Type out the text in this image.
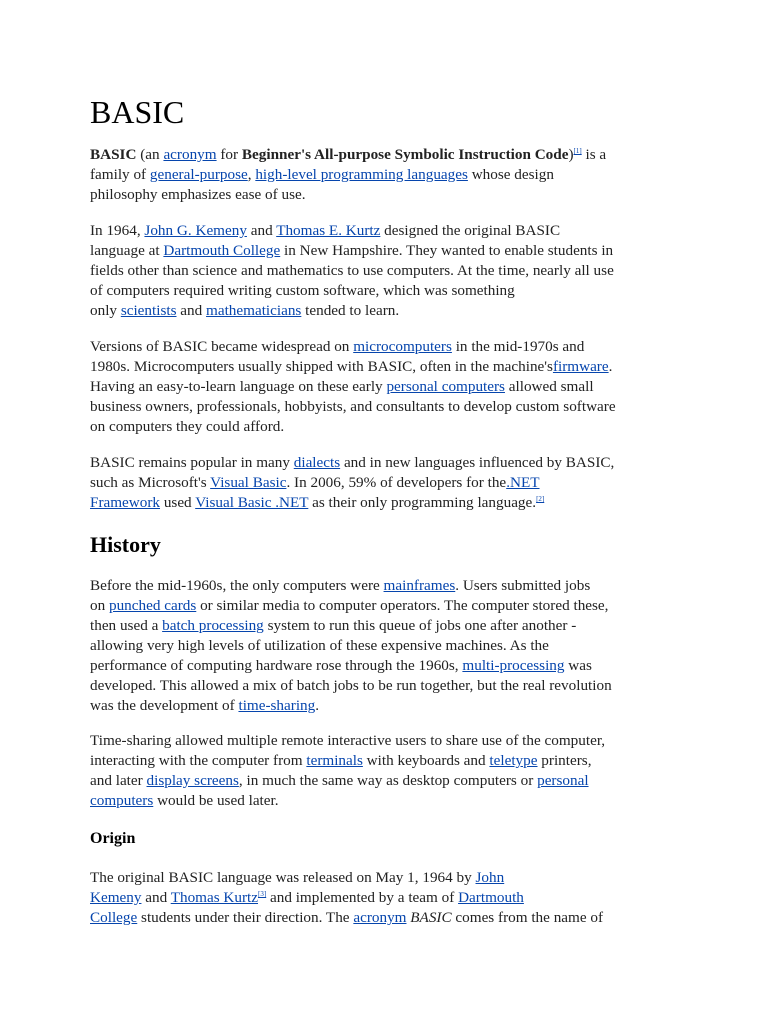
BASIC

BASIC (an acronym for Beginner's All-purpose Symbolic Instruction Code)[1] is a
family of general-purpose, high-level programming languages whose design
philosophy emphasizes ease of use.

In 1964, John G. Kemeny and Thomas E. Kurtz designed the original BASIC
language at Dartmouth College in New Hampshire. They wanted to enable students in
fields other than science and mathematics to use computers. At the time, nearly all use
of computers required writing custom software, which was something
only scientists and mathematicians tended to learn.

Versions of BASIC became widespread on microcomputers in the mid-1970s and
1980s. Microcomputers usually shipped with BASIC, often in the machine'sfirmware.
Having an easy-to-learn language on these early personal computers allowed small
business owners, professionals, hobbyists, and consultants to develop custom software
on computers they could afford.

BASIC remains popular in many dialects and in new languages influenced by BASIC,
such as Microsoft's Visual Basic. In 2006, 59% of developers for the.NET
Framework used Visual Basic .NET as their only programming language.[2]

History

Before the mid-1960s, the only computers were mainframes. Users submitted jobs
on punched cards or similar media to computer operators. The computer stored these,
then used a batch processing system to run this queue of jobs one after another -
allowing very high levels of utilization of these expensive machines. As the
performance of computing hardware rose through the 1960s, multi-processing was
developed. This allowed a mix of batch jobs to be run together, but the real revolution
was the development of time-sharing.

Time-sharing allowed multiple remote interactive users to share use of the computer,
interacting with the computer from terminals with keyboards and teletype printers,
and later display screens, in much the same way as desktop computers or personal
computers would be used later.

Origin

The original BASIC language was released on May 1, 1964 by John
Kemeny and Thomas Kurtz[3] and implemented by a team of Dartmouth
College students under their direction. The acronym BASIC comes from the name of
